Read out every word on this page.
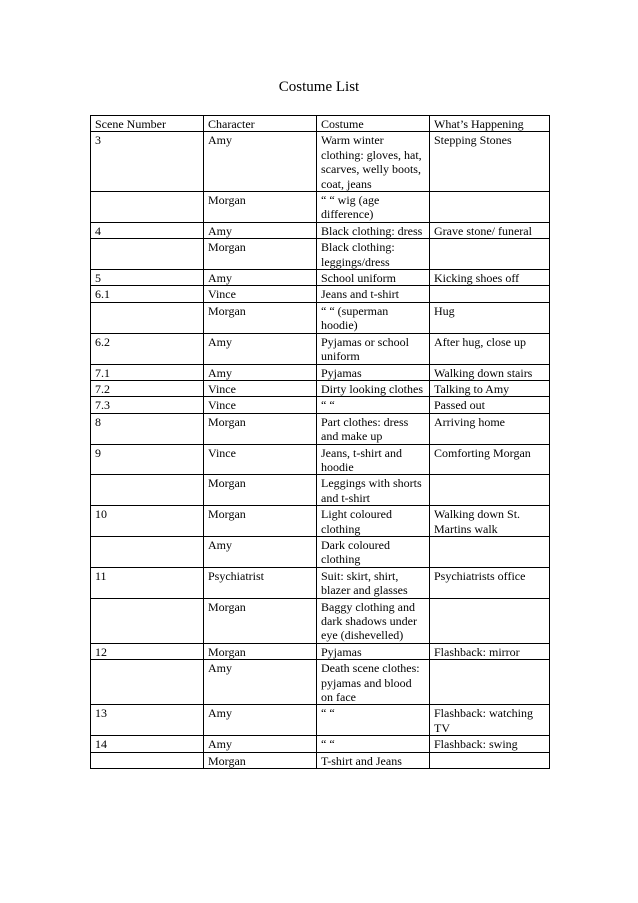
Costume List
Scene Number	Character	Costume	What’s Happening
3	Amy	Warm winter clothing: gloves, hat, scarves, welly boots, coat, jeans	Stepping Stones
	Morgan	“ “ wig (age difference)	
4	Amy	Black clothing: dress	Grave stone/ funeral
	Morgan	Black clothing: leggings/dress	
5	Amy	School uniform	Kicking shoes off
6.1	Vince	Jeans and t-shirt	
	Morgan	“ “ (superman hoodie)	Hug
6.2	Amy	Pyjamas or school uniform	After hug, close up
7.1	Amy	Pyjamas	Walking down stairs
7.2	Vince	Dirty looking clothes	Talking to Amy
7.3	Vince	“ “	Passed out
8	Morgan	Part clothes: dress and make up	Arriving home
9	Vince	Jeans, t-shirt and hoodie	Comforting Morgan
	Morgan	Leggings with shorts and t-shirt	
10	Morgan	Light coloured clothing	Walking down St. Martins walk
	Amy	Dark coloured clothing	
11	Psychiatrist	Suit: skirt, shirt, blazer and glasses	Psychiatrists office
	Morgan	Baggy clothing and dark shadows under eye (dishevelled)	
12	Morgan	Pyjamas	Flashback: mirror
	Amy	Death scene clothes: pyjamas and blood on face	
13	Amy	“ “	Flashback: watching TV
14	Amy	“ “	Flashback: swing
	Morgan	T-shirt and Jeans	
